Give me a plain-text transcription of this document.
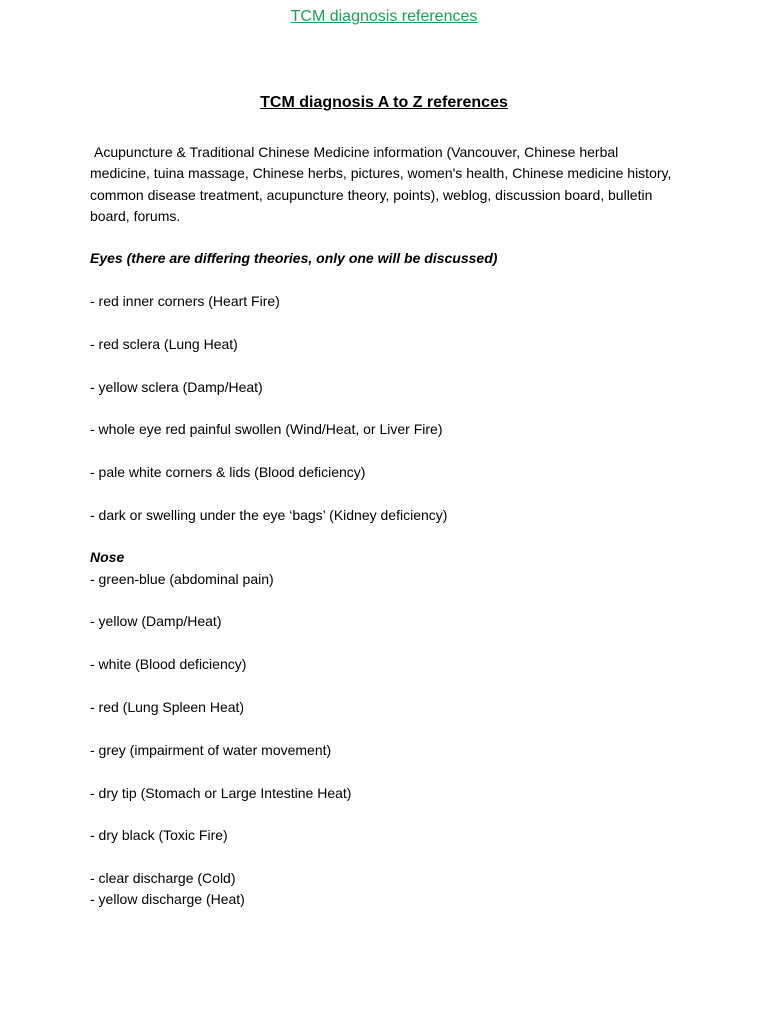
TCM diagnosis references
TCM diagnosis A to Z references

Acupuncture & Traditional Chinese Medicine information (Vancouver, Chinese herbal medicine, tuina massage, Chinese herbs, pictures, women's health, Chinese medicine history, common disease treatment, acupuncture theory, points), weblog, discussion board, bulletin board, forums.

Eyes (there are differing theories, only one will be discussed)

- red inner corners (Heart Fire)

- red sclera (Lung Heat)

- yellow sclera (Damp/Heat)

- whole eye red painful swollen (Wind/Heat, or Liver Fire)

- pale white corners & lids (Blood deficiency)

- dark or swelling under the eye ‘bags’ (Kidney deficiency)

Nose

- green-blue (abdominal pain)

- yellow (Damp/Heat)

- white (Blood deficiency)

- red (Lung Spleen Heat)

- grey (impairment of water movement)

- dry tip (Stomach or Large Intestine Heat)

- dry black (Toxic Fire)

- clear discharge (Cold)

- yellow discharge (Heat)
